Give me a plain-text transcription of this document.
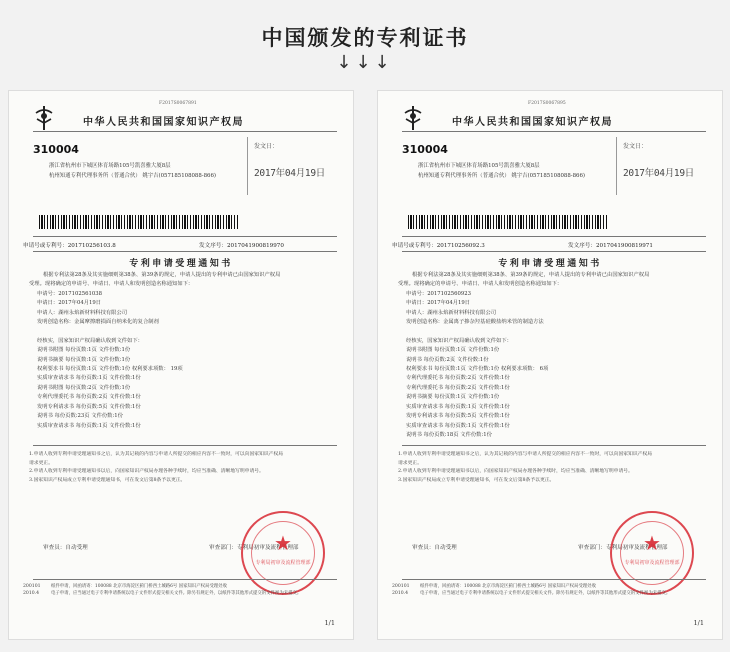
中国颁发的专利证书
↓↓↓
F2017S0067891
中华人民共和国国家知识产权局
310004
浙江省杭州市下城区体育场路105号凯喜雅大厦8层
杭州知通专利代理事务所（普通合伙） 姚宇吉(057185108088-866)
发文日：
2017年04月19日
申请号或专利号：201710256103.8	发文序号：2017041900819970
专利申请受理通知书

根据专利法第28条及其实施细则第38条、第39条的规定，申请人提出的专利申请已由国家知识产权局

受理。现将确定的申请号、申请日、申请人和发明创造名称通知如下：

申请号：2017102561038

申请日：2017年04月19日

申请人：湖州永焰新材料科技有限公司

发明创造名称：金属摩擦磨损面自纳米化的复合制剂

经核实，国家知识产权局确认收到文件如下：

说明书附图 每份页数:1页 文件份数:1份

说明书摘要 每份页数:1页 文件份数:1份

权利要求书 每份页数:1页 文件份数:1份 权利要求项数： 19项

实质审查请求书 每份页数:1页 文件份数:1份

说明书附图 每份页数:2页 文件份数:1份

专利代理委托书 每份页数:2页 文件份数:1份

发明专利请求书 每份页数:5页 文件份数:1份

说明书 每份页数:23页 文件份数:1份

实质审查请求书 每份页数:1页 文件份数:1份

1.申请人收到专利申请受理通知书之后，认为其记载的内容与申请人所提交的相应内容不一致时，可以向国家知识产权局

请求更正。

2.申请人收到专利申请受理通知书以后，向国家知识产权局办理各种手续时，均应当准确、清晰地写明申请号。

3.国家知识产权局成立专利申请受理通知书，可在发文后第8条予以更正。

审查员：自动受理	审查部门：专利局初审及流程管理部
★
专利局初审及流程管理部
200101
2010.4

纸件申请，回函请寄：100088 北京市海淀区蓟门桥西土城路6号 国家知识产权局受理处收

电子申请，应当通过电子专利申请系统以电子文件形式提交相关文件。除另有规定外，以纸件等其他形式提交的文件视为未提交。

1/1
F2017S0067895
中华人民共和国国家知识产权局
310004
浙江省杭州市下城区体育场路105号凯喜雅大厦8层
杭州知通专利代理事务所（普通合伙） 姚宇吉(057185108088-866)
发文日：
2017年04月19日
申请号或专利号：201710256092.3	发文序号：2017041900819971
专利申请受理通知书

根据专利法第28条及其实施细则第38条、第39条的规定，申请人提出的专利申请已由国家知识产权局

受理。现将确定的申请号、申请日、申请人和发明创造名称通知如下：

申请号：2017102560923

申请日：2017年04月19日

申请人：湖州永焰新材料科技有限公司

发明创造名称：金属离子掺杂羟基硅酸盐纳米管的制造方法

经核实，国家知识产权局确认收到文件如下：

说明书附图 每份页数:1页 文件份数:1份

说明书 每份页数:2页 文件份数:1份

权利要求书 每份页数:1页 文件份数:1份 权利要求项数： 6项

专利代理委托书 每份页数:2页 文件份数:1份

专利代理委托书 每份页数:2页 文件份数:1份

说明书摘要 每份页数:1页 文件份数:1份

实质审查请求书 每份页数:1页 文件份数:1份

发明专利请求书 每份页数:5页 文件份数:1份

实质审查请求书 每份页数:1页 文件份数:1份

说明书 每份页数:18页 文件份数:1份

1.申请人收到专利申请受理通知书之后，认为其记载的内容与申请人所提交的相应内容不一致时，可以向国家知识产权局

请求更正。

2.申请人收到专利申请受理通知书以后，向国家知识产权局办理各种手续时，均应当准确、清晰地写明申请号。

3.国家知识产权局成立专利申请受理通知书，可在发文后第8条予以更正。

审查员：自动受理	审查部门：专利局初审及流程管理部
★
专利局初审及流程管理部
200101
2010.4

纸件申请，回函请寄：100088 北京市海淀区蓟门桥西土城路6号 国家知识产权局受理处收

电子申请，应当通过电子专利申请系统以电子文件形式提交相关文件。除另有规定外，以纸件等其他形式提交的文件视为未提交。

1/1
